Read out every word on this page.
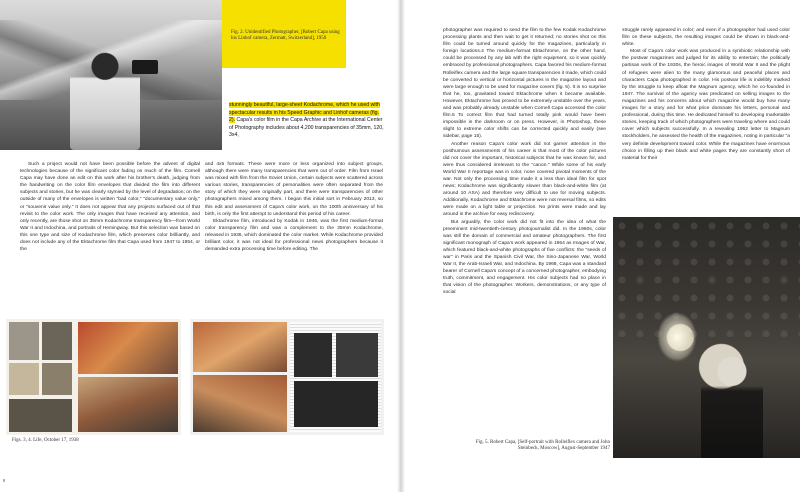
Fig. 2. Unidentified Photographer, [Robert Capa using his Linhof camera, Zermatt, Switzerland], 1950
stunningly beautiful, large-sheet Kodachrome, which he used with spectacular results in his Speed Graphic and Linhof cameras (fig. 2). Capa's color film in the Capa Archive at the International Center of Photography includes about 4,200 transparencies of 35mm, 120, 3x4,

Such a project would not have been possible before the advent of digital technologies because of the significant color fading on much of the film. Cornell Capa may have done an edit on this work after his brother's death, judging from the handwriting on the color film envelopes that divided the film into different subjects and stories, but he was clearly stymied by the level of degradation; on the outside of many of the envelopes is written "bad color," "documentary value only," or "souvenir value only." It does not appear that any projects surfaced out of that revisit to the color work. The only images that have received any attention, and only recently, are those shot on 35mm Kodachrome transparency film—from World War II and Indochina, and portraits of Hemingway. But this selection was based on this one type and size of Kodachrome film, which preserves color brilliantly, and does not include any of the Ektachrome film that Capa used from 1947 to 1954, or the

and 4x5 formats. These were more or less organized into subject groups, although there were many transparencies that were out of order. Film from Israel was mixed with film from the Soviet Union, certain subjects were scattered across various stories, transparencies of personalities were often separated from the story of which they were originally part, and there were transparencies of other photographers mixed among them. I began this initial sort in February 2013, so this edit and assessment of Capa's color work, on the 100th anniversary of his birth, is only the first attempt to understand this period of his career.

Ektachrome film, introduced by Kodak in 1946, was the first medium-format color transparency film and was a complement to the 35mm Kodachrome, released in 1936, which dominated the color market. While Kodachrome provided brilliant color, it was not ideal for professional news photographers because it demanded extra processing time before editing. The

Figs. 3, 4. Life, October 17, 1938
8

photographer was required to send the film to the few Kodak Kodachrome processing plants and then wait to get it returned; no stories shot on this film could be turned around quickly for the magazines, particularly in foreign locations.4 The medium-format Ektachrome, on the other hand, could be processed by any lab with the right equipment, so it was quickly embraced by professional photographers. Capa favored his medium-format Rolleiflex camera and the large square transparencies it made, which could be converted to vertical or horizontal pictures in the magazine layout and were large enough to be used for magazine covers (fig. 5). It is no surprise that he, too, gravitated toward Ektachrome when it became available. However, Ektachrome has proved to be extremely unstable over the years, and was probably already unstable when Cornell Capa accessed the color film.5 To correct film that had turned totally pink would have been impossible in the darkroom or on press. However, in Photoshop, these slight to extreme color shifts can be corrected quickly and easily (see sidebar, page 15).

Another reason Capa's color work did not garner attention in the posthumous assessments of his career is that most of the color pictures did not cover the important, historical subjects that he was known for, and were thus considered irrelevant to the "canon." While some of his early World War II reportage was in color, none covered pivotal moments of the war. Not only the processing time made it a less than ideal film for spot news; Kodachrome was significantly slower than black-and-white film (at around 10 ASA) and therefore very difficult to use for moving subjects. Additionally, Kodachrome and Ektachrome were not reversal films, so edits were made on a light table or projection. No prints were made and lay around in the archive for easy rediscovery.

But arguably, the color work did not fit into the idea of what the preeminent mid-twentieth-century photojournalist did. In the 1960s, color was still the domain of commercial and amateur photographers. The first significant monograph of Capa's work appeared in 1964 as Images of War, which featured black-and-white photographs of five conflicts: the "seeds of war" in Paris and the Spanish Civil War, the Sino-Japanese War, World War II, the Arab-Israeli War, and Indochina. By 1968, Capa was a standard bearer of Cornell Capa's concept of a concerned photographer, embodying truth, commitment, and engagement. His color subjects had no place in that vision of the photographer. Workers, demonstrations, or any type of social

struggle rarely appeared in color; and even if a photographer had used color film on these subjects, the resulting images could be shown in black-and-white.

Most of Capa's color work was produced in a symbiotic relationship with the postwar magazines and judged for its ability to entertain; the politically partisan work of the 1930s, the heroic images of World War II and the plight of refugees were alien to the many glamorous and peaceful places and characters Capa photographed in color. His postwar life is indelibly marked by the struggle to keep afloat the Magnum agency, which he co-founded in 1947. The survival of the agency was predicated on selling images to the magazines and his concerns about which magazine would buy how many images for a story and for what price dominate his letters, personal and professional, during this time. He dedicated himself to developing marketable stories, keeping track of which photographers were traveling where and could cover which subjects successfully. In a revealing 1952 letter to Magnum stockholders, he assessed the health of the magazines, noting in particular "a very definite development toward color. While the magazines have enormous choice in filling up their black and white pages they are constantly short of material for their

Fig. 5. Robert Capa, [Self-portrait with Rolleiflex camera and John Steinbeck, Moscow], August-September 1947
